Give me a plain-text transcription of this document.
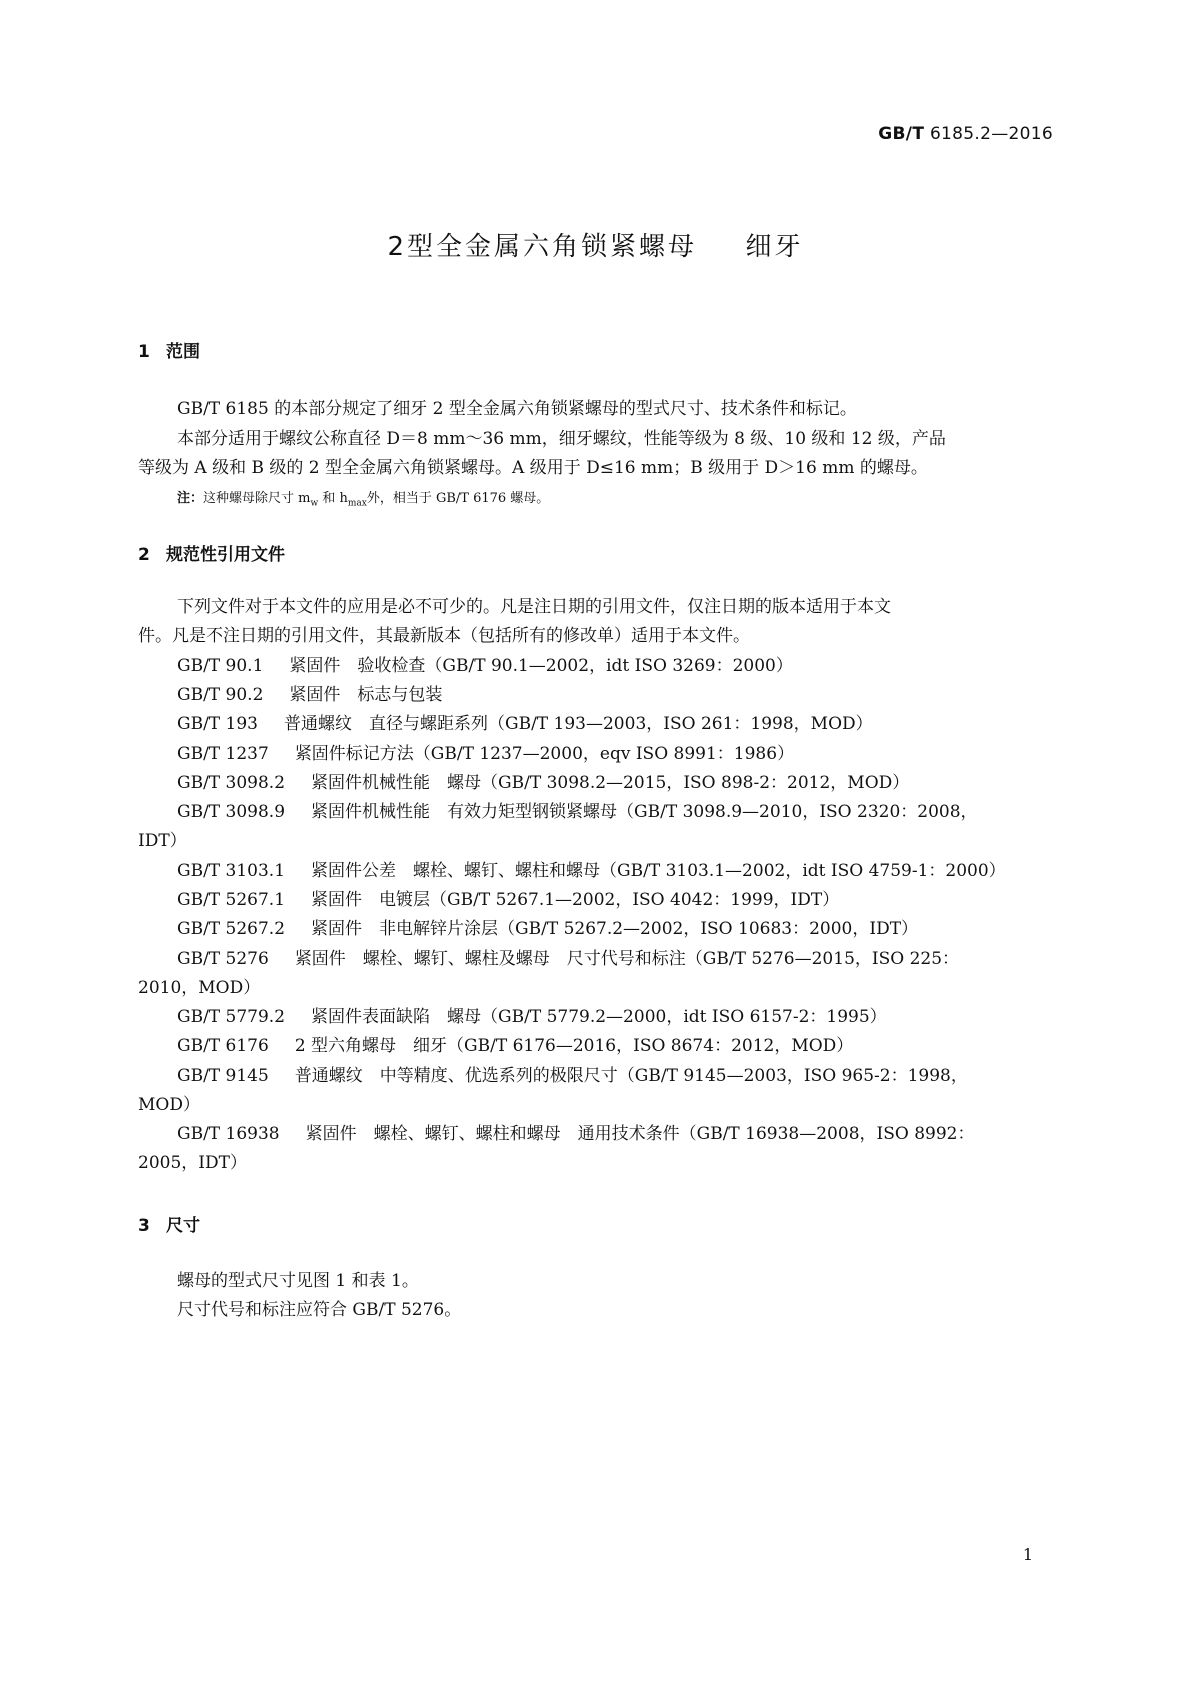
GB/T 6185.2—2016
2型全金属六角锁紧螺母 细牙
1 范围
GB/T 6185 的本部分规定了细牙 2 型全金属六角锁紧螺母的型式尺寸、技术条件和标记。
本部分适用于螺纹公称直径 D＝8 mm～36 mm，细牙螺纹，性能等级为 8 级、10 级和 12 级，产品
等级为 A 级和 B 级的 2 型全金属六角锁紧螺母。A 级用于 D≤16 mm；B 级用于 D＞16 mm 的螺母。
注：这种螺母除尺寸 $m_w$ 和 $h_{max}$外，相当于 GB/T 6176 螺母。
2 规范性引用文件
下列文件对于本文件的应用是必不可少的。凡是注日期的引用文件，仅注日期的版本适用于本文
件。凡是不注日期的引用文件，其最新版本（包括所有的修改单）适用于本文件。
GB/T 90.1 紧固件　验收检查（GB/T 90.1—2002，idt ISO 3269：2000）
GB/T 90.2 紧固件　标志与包装
GB/T 193 普通螺纹　直径与螺距系列（GB/T 193—2003，ISO 261：1998，MOD）
GB/T 1237 紧固件标记方法（GB/T 1237—2000，eqv ISO 8991：1986）
GB/T 3098.2 紧固件机械性能　螺母（GB/T 3098.2—2015，ISO 898-2：2012，MOD）
GB/T 3098.9 紧固件机械性能　有效力矩型钢锁紧螺母（GB/T 3098.9—2010，ISO 2320：2008，
IDT）
GB/T 3103.1 紧固件公差　螺栓、螺钉、螺柱和螺母（GB/T 3103.1—2002，idt ISO 4759-1：2000）
GB/T 5267.1 紧固件　电镀层（GB/T 5267.1—2002，ISO 4042：1999，IDT）
GB/T 5267.2 紧固件　非电解锌片涂层（GB/T 5267.2—2002，ISO 10683：2000，IDT）
GB/T 5276 紧固件　螺栓、螺钉、螺柱及螺母　尺寸代号和标注（GB/T 5276—2015，ISO 225：
2010，MOD）
GB/T 5779.2 紧固件表面缺陷　螺母（GB/T 5779.2—2000，idt ISO 6157-2：1995）
GB/T 6176 2 型六角螺母　细牙（GB/T 6176—2016，ISO 8674：2012，MOD）
GB/T 9145 普通螺纹　中等精度、优选系列的极限尺寸（GB/T 9145—2003，ISO 965-2：1998，
MOD）
GB/T 16938 紧固件　螺栓、螺钉、螺柱和螺母　通用技术条件（GB/T 16938—2008，ISO 8992：
2005，IDT）
3 尺寸
螺母的型式尺寸见图 1 和表 1。
尺寸代号和标注应符合 GB/T 5276。
1
